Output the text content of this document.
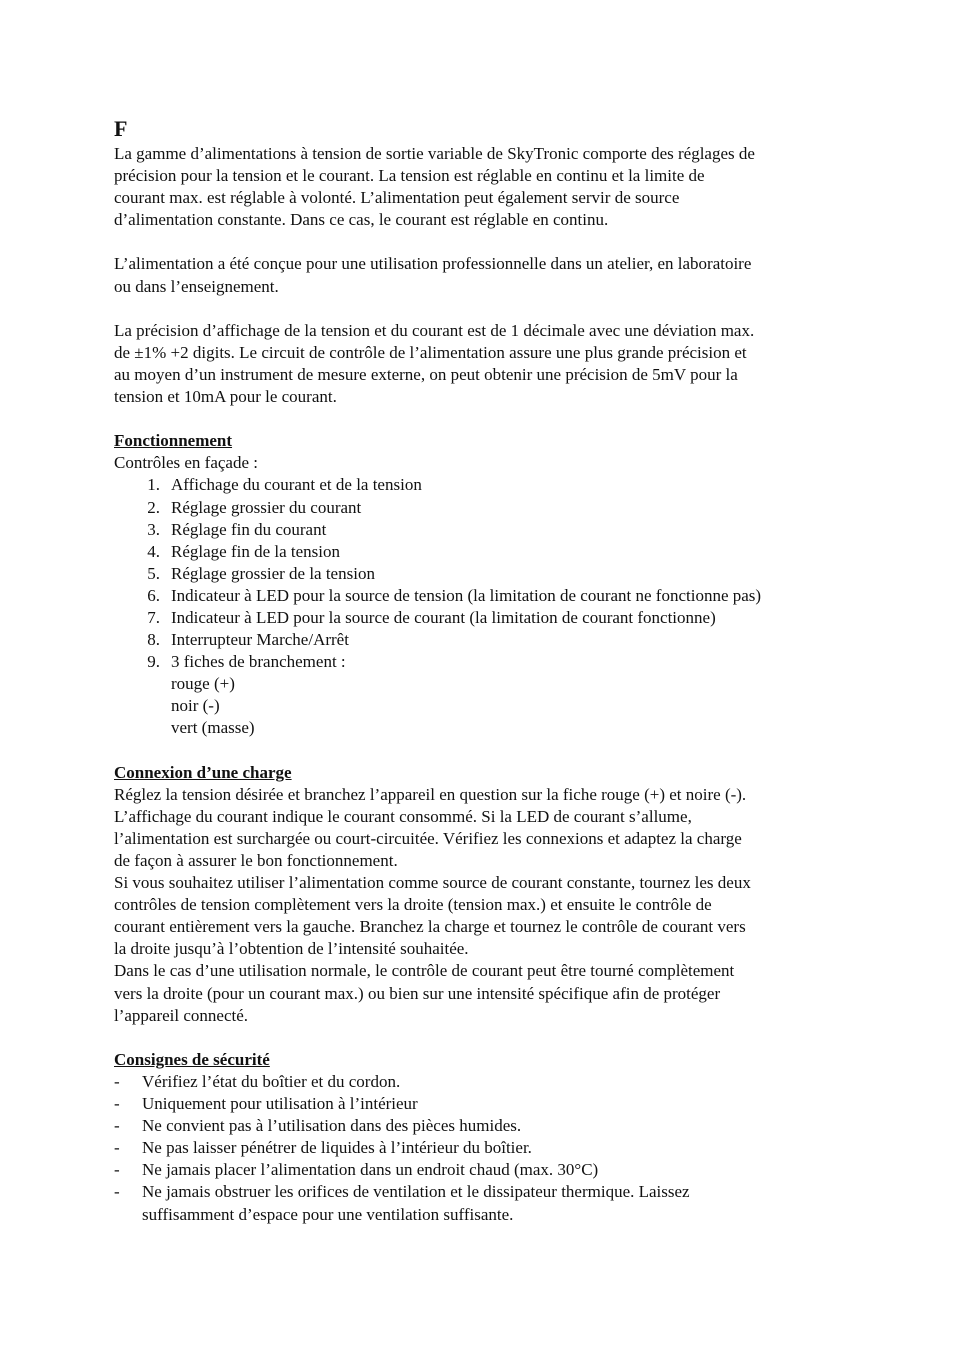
F

La gamme d’alimentations à tension de sortie variable de SkyTronic comporte des réglages de

précision pour la tension et le courant. La tension est réglable en continu et la limite de

courant max. est réglable à volonté. L’alimentation peut également servir de source

d’alimentation constante. Dans ce cas, le courant est réglable en continu.

L’alimentation a été conçue pour une utilisation professionnelle dans un atelier, en laboratoire

ou dans l’enseignement.

La précision d’affichage de la tension et du courant est de 1 décimale avec une déviation max.

de ±1% +2 digits. Le circuit de contrôle de l’alimentation assure une plus grande précision et

au moyen d’un instrument de mesure externe, on peut obtenir une précision de 5mV pour la

tension et 10mA pour le courant.

Fonctionnement

Contrôles en façade :

1. Affichage du courant et de la tension
2. Réglage grossier du courant
3. Réglage fin du courant
4. Réglage fin de la tension
5. Réglage grossier de la tension
6. Indicateur à LED pour la source de tension (la limitation de courant ne fonctionne pas)
7. Indicateur à LED pour la source de courant (la limitation de courant fonctionne)
8. Interrupteur Marche/Arrêt
9. 3 fiches de branchement :

rouge (+)

noir (-)

vert (masse)

Connexion d’une charge

Réglez la tension désirée et branchez l’appareil en question sur la fiche rouge (+) et noire (-).

L’affichage du courant indique le courant consommé. Si la LED de courant s’allume,

l’alimentation est surchargée ou court-circuitée. Vérifiez les connexions et adaptez la charge

de façon à assurer le bon fonctionnement.

Si vous souhaitez utiliser l’alimentation comme source de courant constante, tournez les deux

contrôles de tension complètement vers la droite (tension max.) et ensuite le contrôle de

courant entièrement vers la gauche. Branchez la charge et tournez le contrôle de courant vers

la droite jusqu’à l’obtention de l’intensité souhaitée.

Dans le cas d’une utilisation normale, le contrôle de courant peut être tourné complètement

vers la droite (pour un courant max.) ou bien sur une intensité spécifique afin de protéger

l’appareil connecté.

Consignes de sécurité

- Vérifiez l’état du boîtier et du cordon.
- Uniquement pour utilisation à l’intérieur
- Ne convient pas à l’utilisation dans des pièces humides.
- Ne pas laisser pénétrer de liquides à l’intérieur du boîtier.
- Ne jamais placer l’alimentation dans un endroit chaud (max. 30°C)
- Ne jamais obstruer les orifices de ventilation et le dissipateur thermique. Laissez
suffisamment d’espace pour une ventilation suffisante.
